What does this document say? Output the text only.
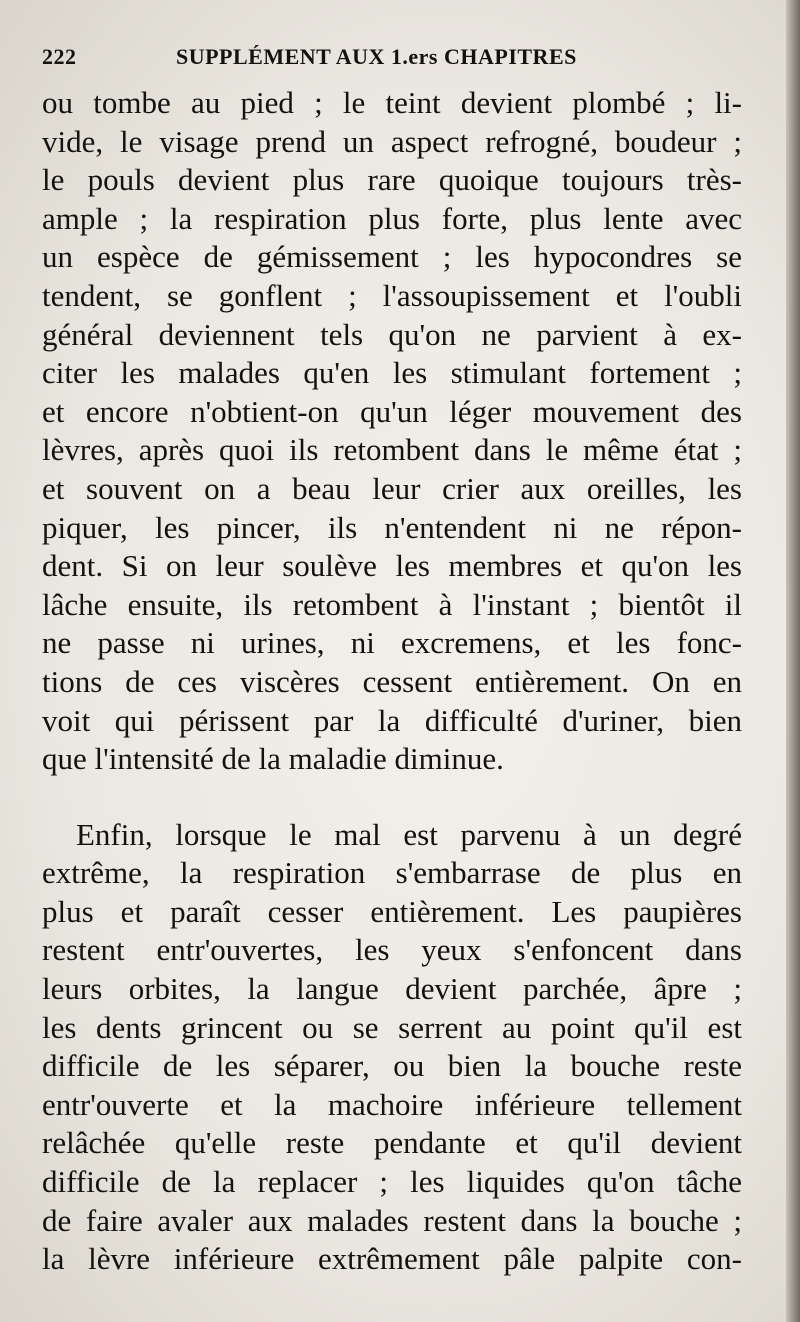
222	SUPPLÉMENT AUX 1.ers CHAPITRES
ou tombe au pied ; le teint devient plombé ; li-
vide, le visage prend un aspect refrogné, boudeur ;
le pouls devient plus rare quoique toujours très-
ample ; la respiration plus forte, plus lente avec
un espèce de gémissement ; les hypocondres se
tendent, se gonflent ; l'assoupissement et l'oubli
général deviennent tels qu'on ne parvient à ex-
citer les malades qu'en les stimulant fortement ;
et encore n'obtient-on qu'un léger mouvement des
lèvres, après quoi ils retombent dans le même état ;
et souvent on a beau leur crier aux oreilles, les
piquer, les pincer, ils n'entendent ni ne répon-
dent. Si on leur soulève les membres et qu'on les
lâche ensuite, ils retombent à l'instant ; bientôt il
ne passe ni urines, ni excremens, et les fonc-
tions de ces viscères cessent entièrement. On en
voit qui périssent par la difficulté d'uriner, bien
que l'intensité de la maladie diminue.
Enfin, lorsque le mal est parvenu à un degré
extrême, la respiration s'embarrase de plus en
plus et paraît cesser entièrement. Les paupières
restent entr'ouvertes, les yeux s'enfoncent dans
leurs orbites, la langue devient parchée, âpre ;
les dents grincent ou se serrent au point qu'il est
difficile de les séparer, ou bien la bouche reste
entr'ouverte et la machoire inférieure tellement
relâchée qu'elle reste pendante et qu'il devient
difficile de la replacer ; les liquides qu'on tâche
de faire avaler aux malades restent dans la bouche ;
la lèvre inférieure extrêmement pâle palpite con-
